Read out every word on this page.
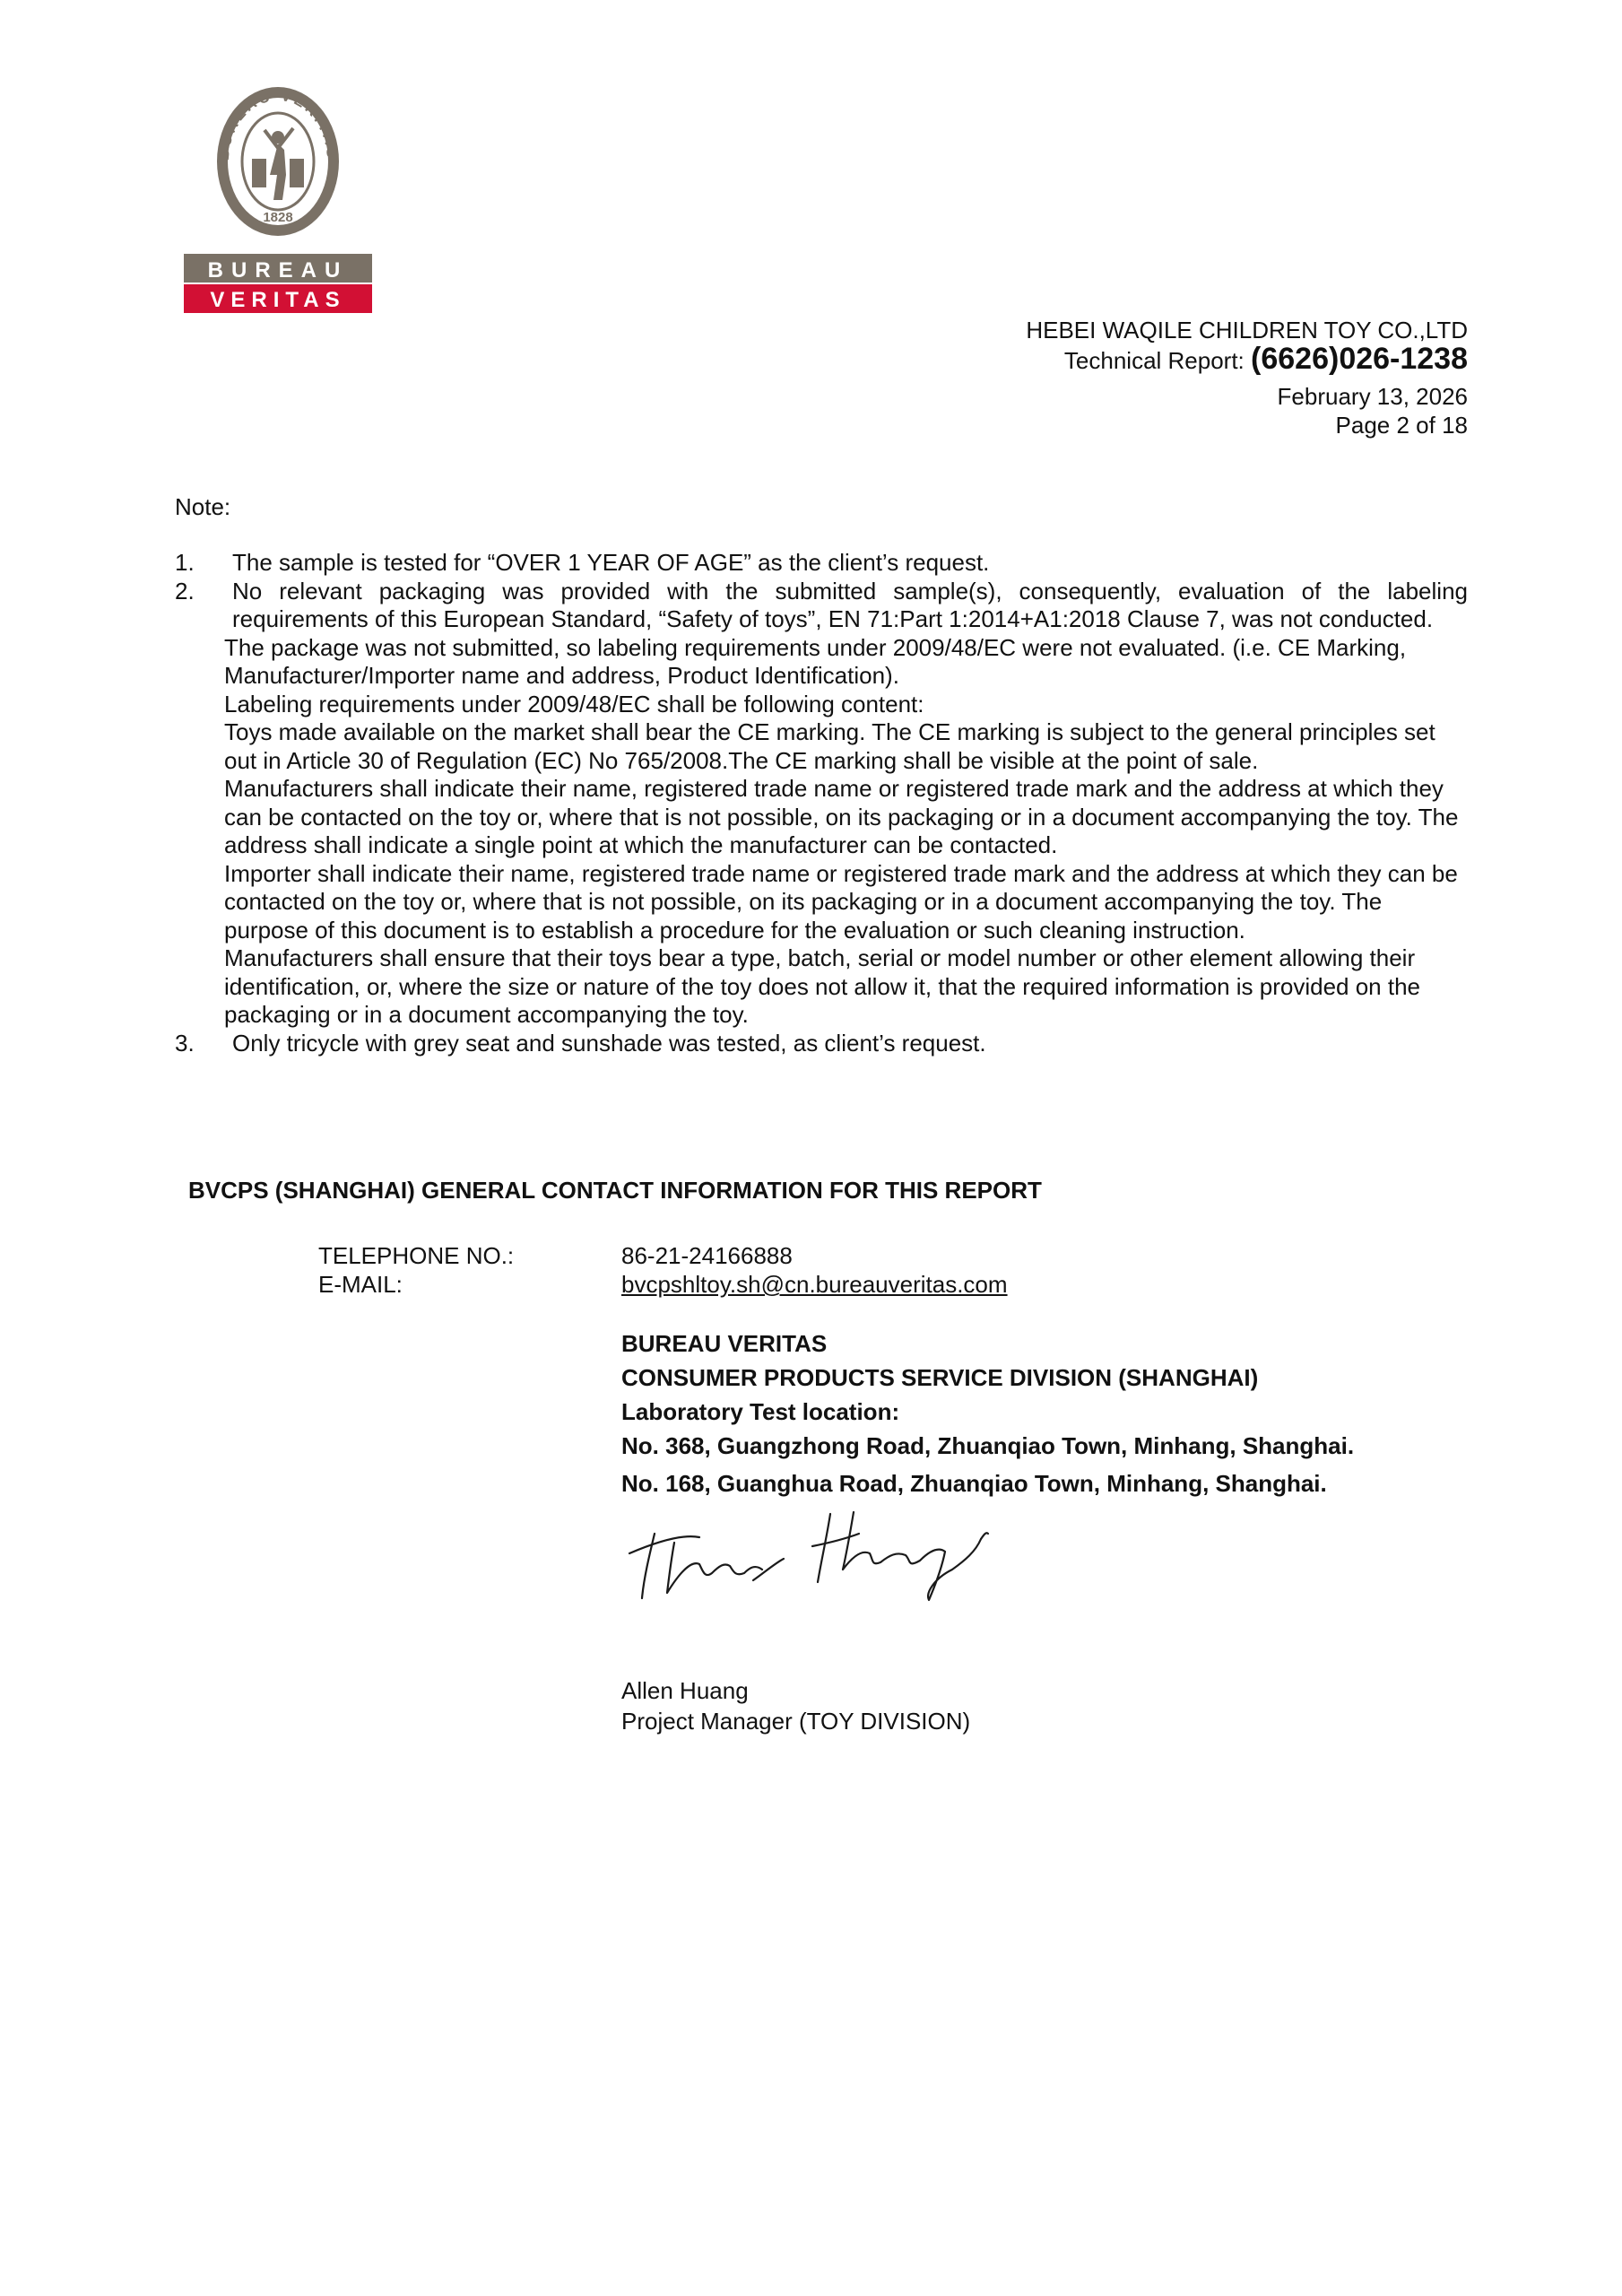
BUREAU VERITAS
1828
BUREAU
VERITAS
HEBEI WAQILE CHILDREN TOY CO.,LTD
Technical Report: (6626)026-1238
February 13, 2026
Page 2 of 18
Note:
1. The sample is tested for “OVER 1 YEAR OF AGE” as the client’s request.
2. No relevant packaging was provided with the submitted sample(s), consequently, evaluation of the labeling requirements of this European Standard, “Safety of toys”, EN 71:Part 1:2014+A1:2018 Clause 7, was not conducted.
The package was not submitted, so labeling requirements under 2009/48/EC were not evaluated. (i.e. CE Marking, Manufacturer/Importer name and address, Product Identification).
Labeling requirements under 2009/48/EC shall be following content:
Toys made available on the market shall bear the CE marking. The CE marking is subject to the general principles set out in Article 30 of Regulation (EC) No 765/2008.The CE marking shall be visible at the point of sale.
Manufacturers shall indicate their name, registered trade name or registered trade mark and the address at which they can be contacted on the toy or, where that is not possible, on its packaging or in a document accompanying the toy. The address shall indicate a single point at which the manufacturer can be contacted.
Importer shall indicate their name, registered trade name or registered trade mark and the address at which they can be contacted on the toy or, where that is not possible, on its packaging or in a document accompanying the toy. The purpose of this document is to establish a procedure for the evaluation or such cleaning instruction.
Manufacturers shall ensure that their toys bear a type, batch, serial or model number or other element allowing their identification, or, where the size or nature of the toy does not allow it, that the required information is provided on the packaging or in a document accompanying the toy.
3. Only tricycle with grey seat and sunshade was tested, as client’s request.
BVCPS (SHANGHAI) GENERAL CONTACT INFORMATION FOR THIS REPORT
TELEPHONE NO.:	86-21-24166888
E-MAIL:	bvcpshltoy.sh@cn.bureauveritas.com
BUREAU VERITAS
CONSUMER PRODUCTS SERVICE DIVISION (SHANGHAI)
Laboratory Test location:
No. 368, Guangzhong Road, Zhuanqiao Town, Minhang, Shanghai.
No. 168, Guanghua Road, Zhuanqiao Town, Minhang, Shanghai.
Allen Huang
Project Manager (TOY DIVISION)
